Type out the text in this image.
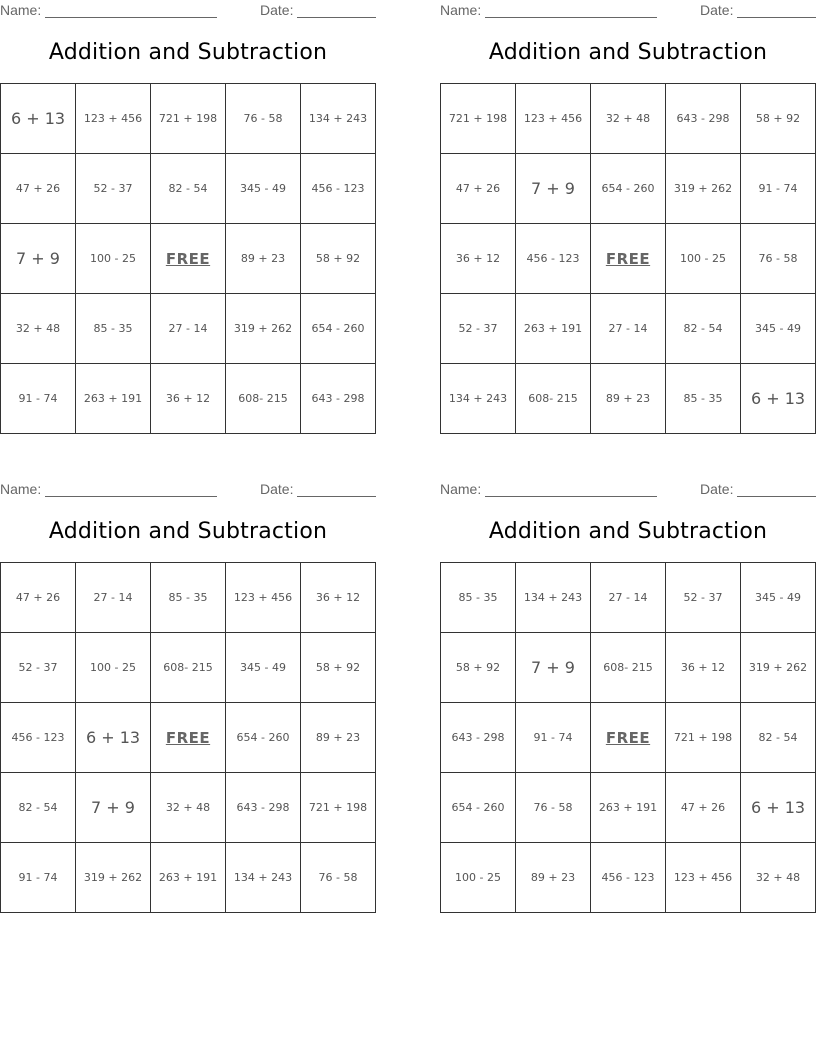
Name:	Date:
Addition and Subtraction
6 + 13	123 + 456	721 + 198	76 - 58	134 + 243
47 + 26	52 - 37	82 - 54	345 - 49	456 - 123
7 + 9	100 - 25	FREE	89 + 23	58 + 92
32 + 48	85 - 35	27 - 14	319 + 262	654 - 260
91 - 74	263 + 191	36 + 12	608- 215	643 - 298
Name:	Date:
Addition and Subtraction
721 + 198	123 + 456	32 + 48	643 - 298	58 + 92
47 + 26	7 + 9	654 - 260	319 + 262	91 - 74
36 + 12	456 - 123	FREE	100 - 25	76 - 58
52 - 37	263 + 191	27 - 14	82 - 54	345 - 49
134 + 243	608- 215	89 + 23	85 - 35	6 + 13
Name:	Date:
Addition and Subtraction
47 + 26	27 - 14	85 - 35	123 + 456	36 + 12
52 - 37	100 - 25	608- 215	345 - 49	58 + 92
456 - 123	6 + 13	FREE	654 - 260	89 + 23
82 - 54	7 + 9	32 + 48	643 - 298	721 + 198
91 - 74	319 + 262	263 + 191	134 + 243	76 - 58
Name:	Date:
Addition and Subtraction
85 - 35	134 + 243	27 - 14	52 - 37	345 - 49
58 + 92	7 + 9	608- 215	36 + 12	319 + 262
643 - 298	91 - 74	FREE	721 + 198	82 - 54
654 - 260	76 - 58	263 + 191	47 + 26	6 + 13
100 - 25	89 + 23	456 - 123	123 + 456	32 + 48
